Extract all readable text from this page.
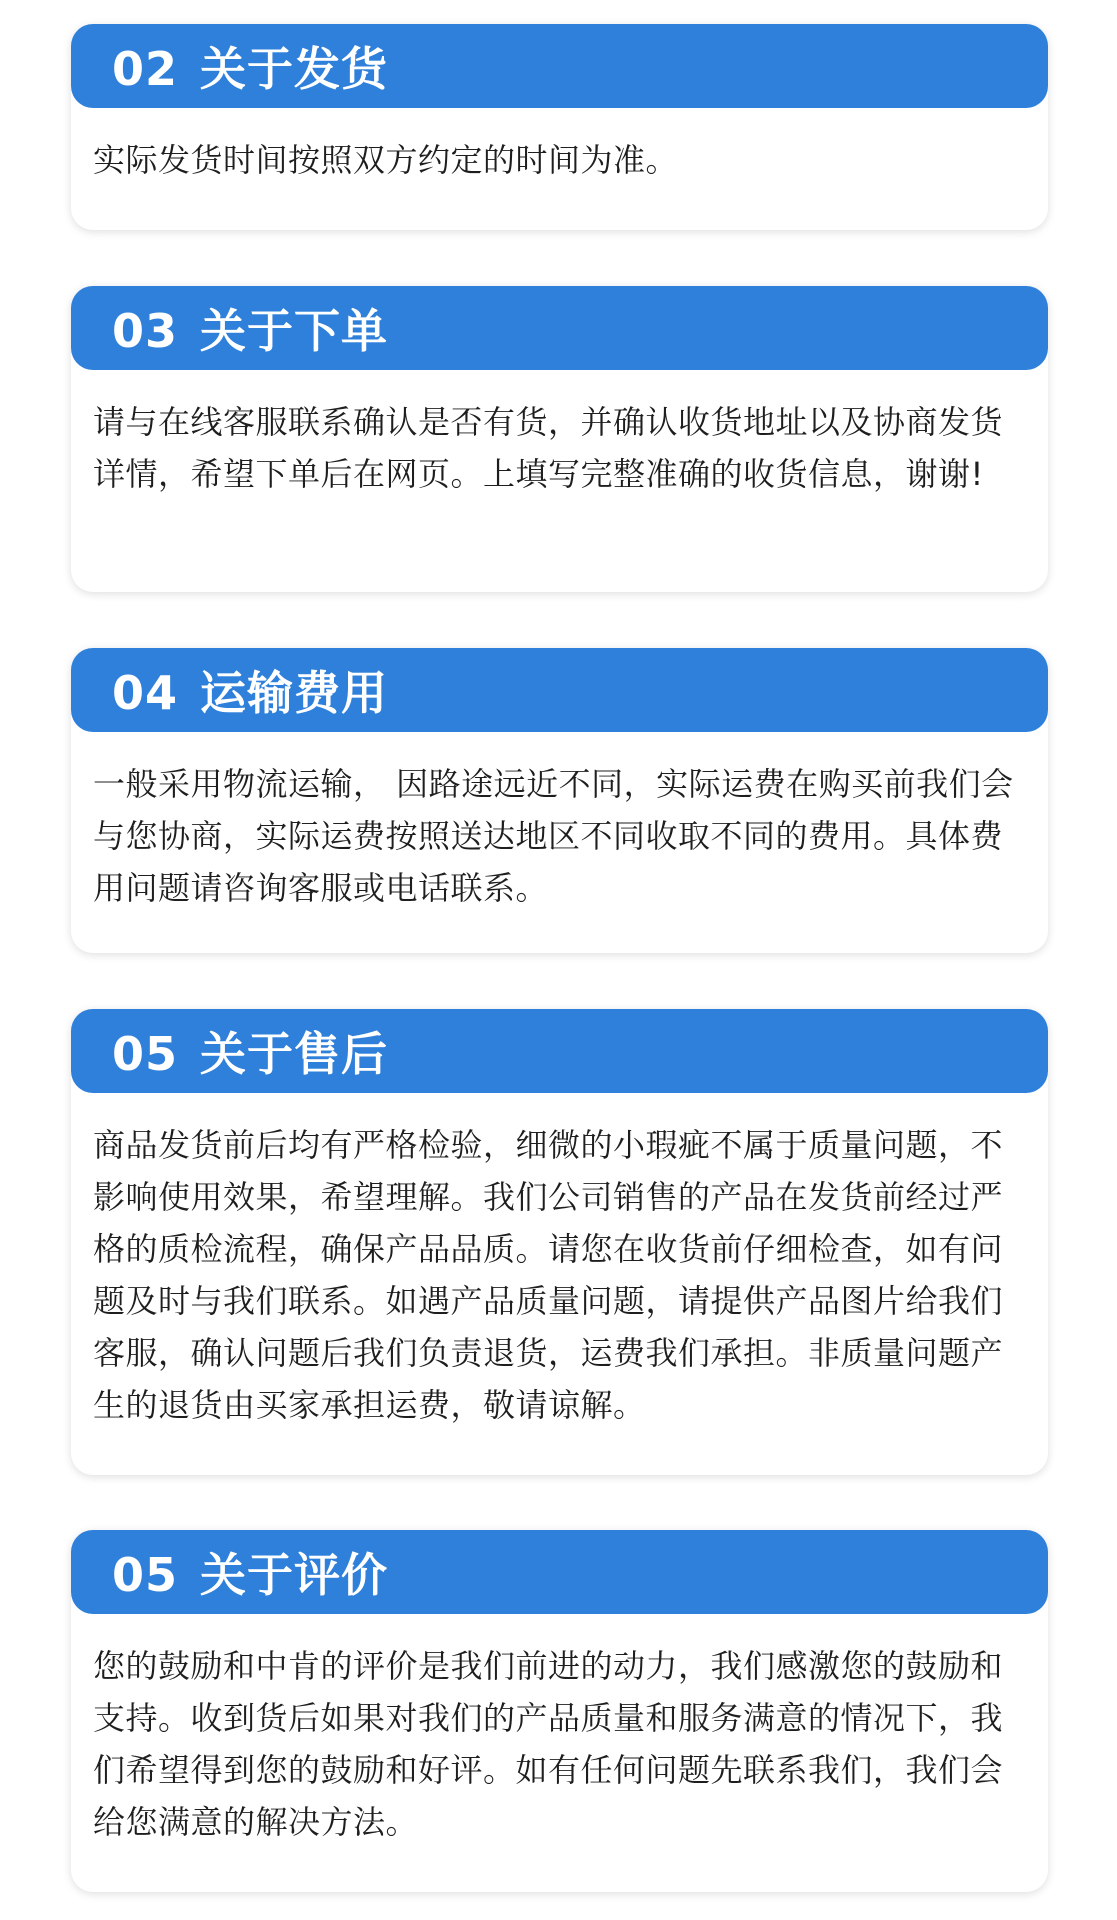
02 关于发货
实际发货时间按照双方约定的时间为准。
03 关于下单
请与在线客服联系确认是否有货，并确认收货地址以及协商发货详情，希望下单后在网页。上填写完整准确的收货信息，谢谢!
04 运输费用
一般采用物流运输， 因路途远近不同，实际运费在购买前我们会与您协商，实际运费按照送达地区不同收取不同的费用。具体费用问题请咨询客服或电话联系。
05 关于售后
商品发货前后均有严格检验，细微的小瑕疵不属于质量问题，不影响使用效果，希望理解。我们公司销售的产品在发货前经过严格的质检流程，确保产品品质。请您在收货前仔细检查，如有问题及时与我们联系。如遇产品质量问题，请提供产品图片给我们客服，确认问题后我们负责退货，运费我们承担。非质量问题产生的退货由买家承担运费，敬请谅解。
05 关于评价
您的鼓励和中肯的评价是我们前进的动力，我们感激您的鼓励和支持。收到货后如果对我们的产品质量和服务满意的情况下，我们希望得到您的鼓励和好评。如有任何问题先联系我们，我们会给您满意的解决方法。
